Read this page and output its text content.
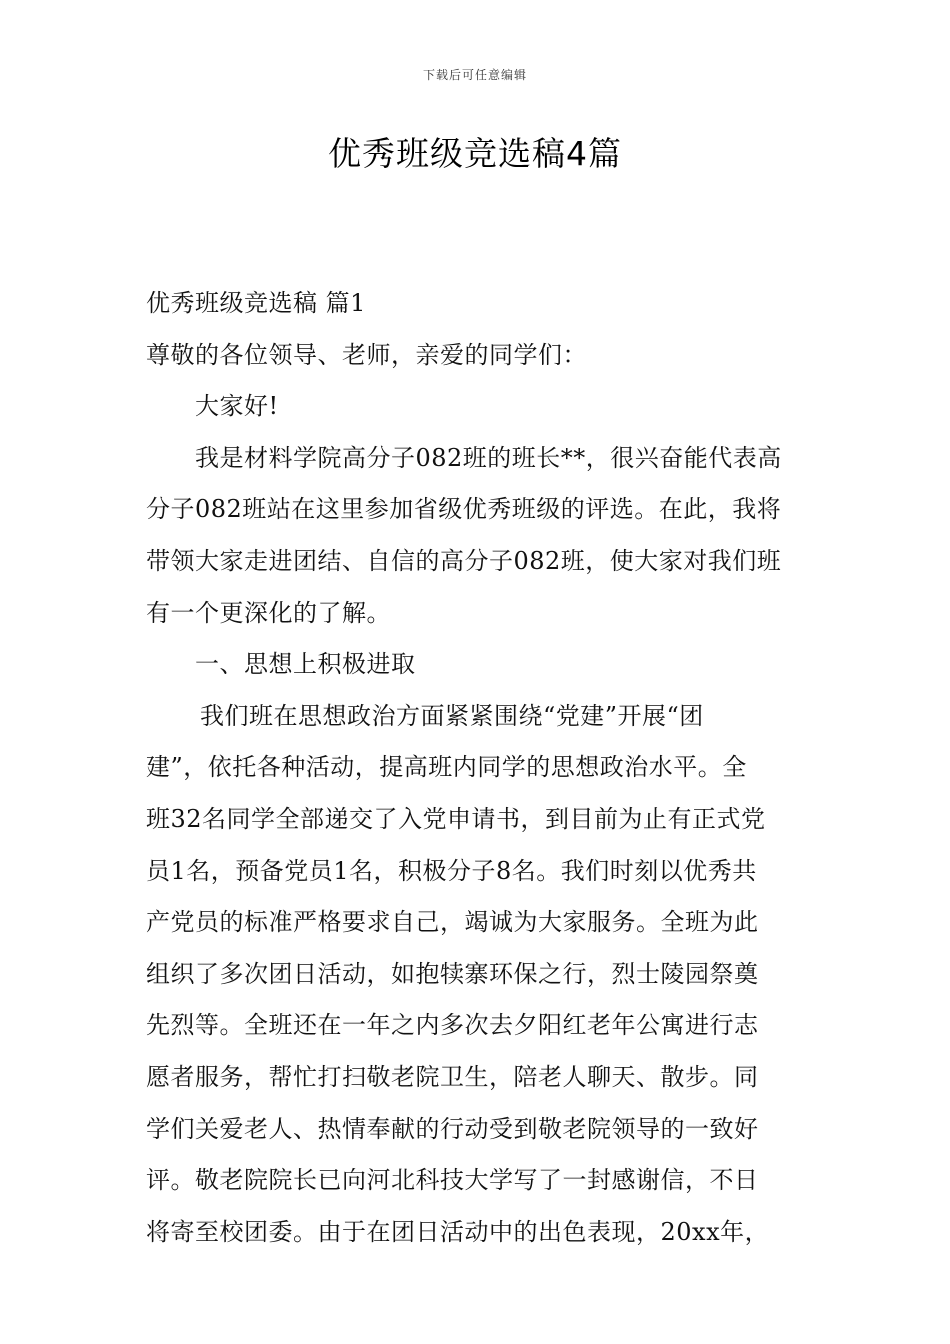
下载后可任意编辑
优秀班级竞选稿4篇
优秀班级竞选稿 篇1
尊敬的各位领导、老师，亲爱的同学们：
大家好!
我是材料学院高分子082班的班长**，很兴奋能代表高
分子082班站在这里参加省级优秀班级的评选。在此，我将
带领大家走进团结、自信的高分子082班，使大家对我们班
有一个更深化的了解。
一、思想上积极进取
我们班在思想政治方面紧紧围绕“党建”开展“团
建”，依托各种活动，提高班内同学的思想政治水平。全
班32名同学全部递交了入党申请书，到目前为止有正式党
员1名，预备党员1名，积极分子8名。我们时刻以优秀共
产党员的标准严格要求自己，竭诚为大家服务。全班为此
组织了多次团日活动，如抱犊寨环保之行，烈士陵园祭奠
先烈等。全班还在一年之内多次去夕阳红老年公寓进行志
愿者服务，帮忙打扫敬老院卫生，陪老人聊天、散步。同
学们关爱老人、热情奉献的行动受到敬老院领导的一致好
评。敬老院院长已向河北科技大学写了一封感谢信，不日
将寄至校团委。由于在团日活动中的出色表现，20xx年，
